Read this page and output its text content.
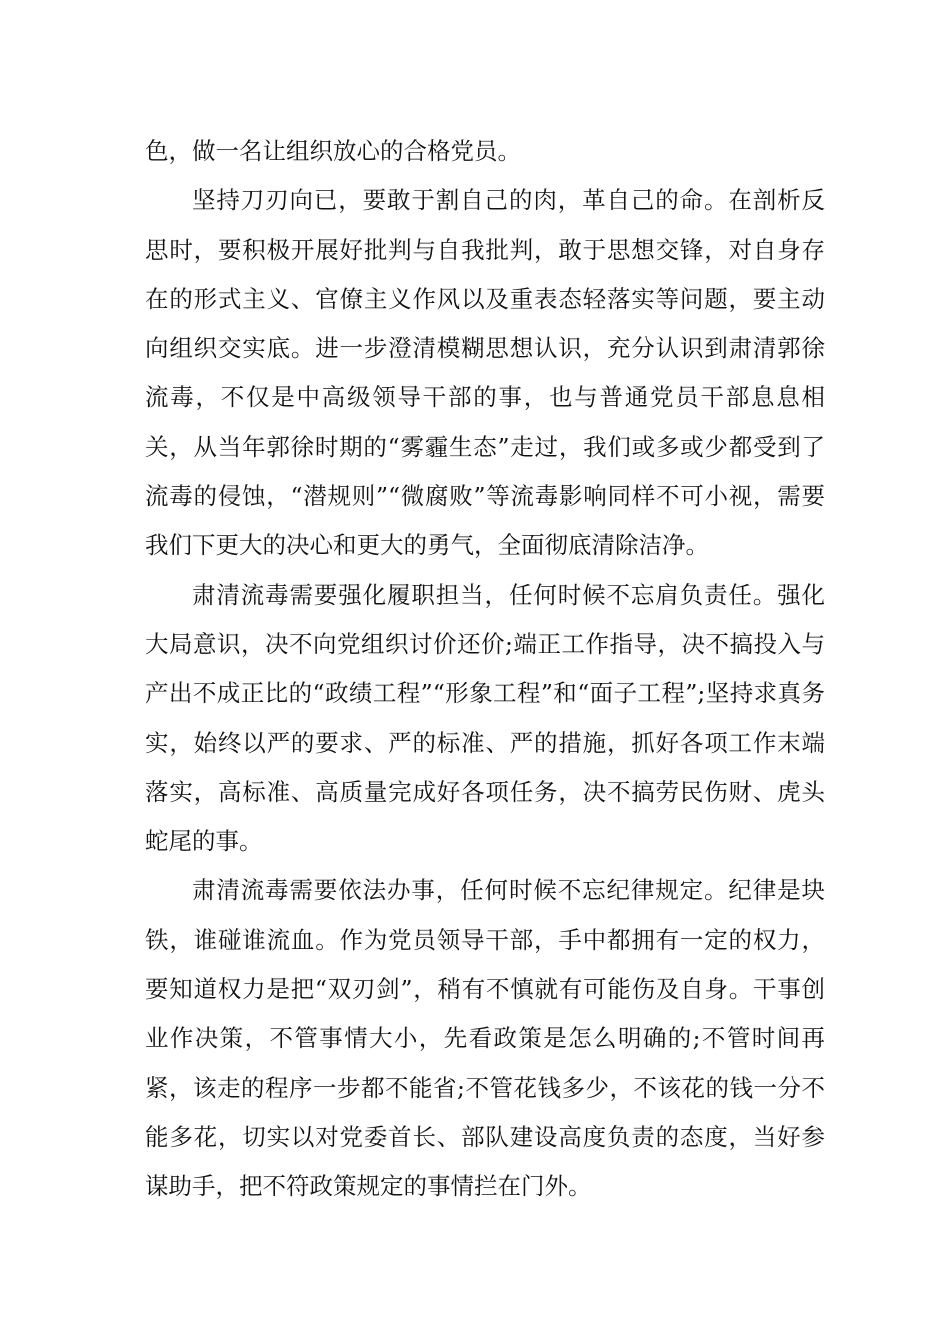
色，做一名让组织放心的合格党员。

坚持刀刃向已，要敢于割自己的肉，革自己的命。在剖析反思时，要积极开展好批判与自我批判，敢于思想交锋，对自身存在的形式主义、官僚主义作风以及重表态轻落实等问题，要主动向组织交实底。进一步澄清模糊思想认识，充分认识到肃清郭徐流毒，不仅是中高级领导干部的事，也与普通党员干部息息相关，从当年郭徐时期的“雾霾生态”走过，我们或多或少都受到了流毒的侵蚀，“潜规则”“微腐败”等流毒影响同样不可小视，需要我们下更大的决心和更大的勇气，全面彻底清除洁净。

肃清流毒需要强化履职担当，任何时候不忘肩负责任。强化大局意识，决不向党组织讨价还价;端正工作指导，决不搞投入与产出不成正比的“政绩工程”“形象工程”和“面子工程”;坚持求真务实，始终以严的要求、严的标准、严的措施，抓好各项工作末端落实，高标准、高质量完成好各项任务，决不搞劳民伤财、虎头蛇尾的事。

肃清流毒需要依法办事，任何时候不忘纪律规定。纪律是块铁，谁碰谁流血。作为党员领导干部，手中都拥有一定的权力，要知道权力是把“双刃剑”，稍有不慎就有可能伤及自身。干事创业作决策，不管事情大小，先看政策是怎么明确的;不管时间再紧，该走的程序一步都不能省;不管花钱多少，不该花的钱一分不能多花，切实以对党委首长、部队建设高度负责的态度，当好参谋助手，把不符政策规定的事情拦在门外。
